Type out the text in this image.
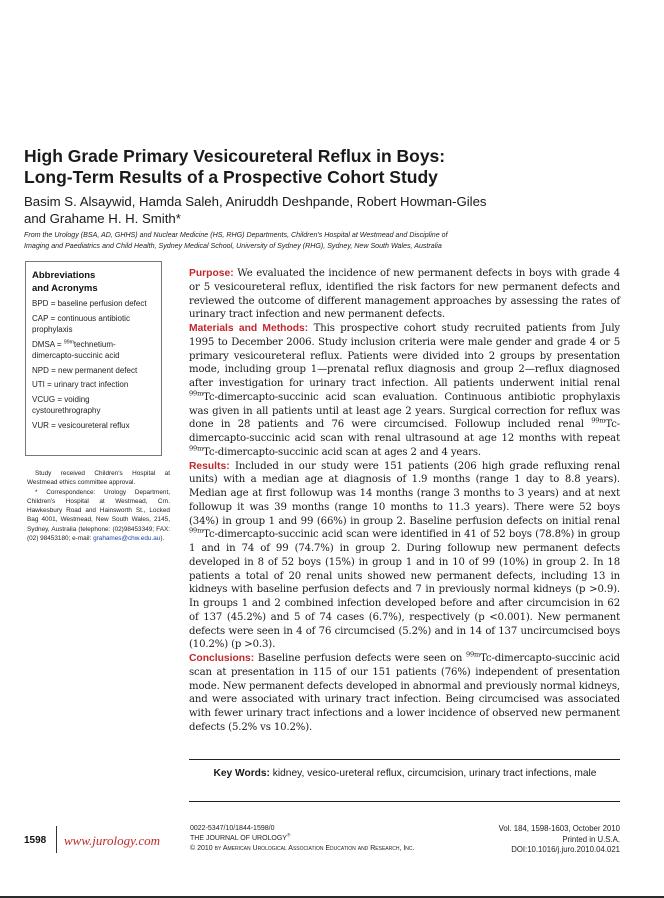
High Grade Primary Vesicoureteral Reflux in Boys:
Long-Term Results of a Prospective Cohort Study
Basim S. Alsaywid, Hamda Saleh, Aniruddh Deshpande, Robert Howman-Giles
and Grahame H. H. Smith*
From the Urology (BSA, AD, GHHS) and Nuclear Medicine (HS, RHG) Departments, Children's Hospital at Westmead and Discipline of
Imaging and Paediatrics and Child Health, Sydney Medical School, University of Sydney (RHG), Sydney, New South Wales, Australia
Abbreviations
and Acronyms
BPD = baseline perfusion defect
CAP = continuous antibiotic prophylaxis
DMSA = $^{99m}$technetium-dimercapto-succinic acid
NPD = new permanent defect
UTI = urinary tract infection
VCUG = voiding cystourethrography
VUR = vesicoureteral reflux

Study received Children's Hospital at Westmead ethics committee approval.

* Correspondence: Urology Department, Children's Hospital at Westmead, Crn. Hawkesbury Road and Hainsworth St., Locked Bag 4001, Westmead, New South Wales, 2145, Sydney, Australia (telephone: (02)98453349; FAX: (02) 98453180; e-mail: grahames@chw.edu.au).

Purpose: We evaluated the incidence of new permanent defects in boys with grade 4 or 5 vesicoureteral reflux, identified the risk factors for new permanent defects and reviewed the outcome of different management approaches by assessing the rates of urinary tract infection and new permanent defects.

Materials and Methods: This prospective cohort study recruited patients from July 1995 to December 2006. Study inclusion criteria were male gender and grade 4 or 5 primary vesicoureteral reflux. Patients were divided into 2 groups by presentation mode, including group 1—prenatal reflux diagnosis and group 2—reflux diagnosed after investigation for urinary tract infection. All patients underwent initial renal $^{99m}$Tc-dimercapto-succinic acid scan evaluation. Continuous antibiotic prophylaxis was given in all patients until at least age 2 years. Surgical correction for reflux was done in 28 patients and 76 were circumcised. Followup included renal $^{99m}$Tc-dimercapto-succinic acid scan with renal ultrasound at age 12 months with repeat $^{99m}$Tc-dimercapto-succinic acid scan at ages 2 and 4 years.

Results: Included in our study were 151 patients (206 high grade refluxing renal units) with a median age at diagnosis of 1.9 months (range 1 day to 8.8 years). Median age at first followup was 14 months (range 3 months to 3 years) and at next followup it was 39 months (range 10 months to 11.3 years). There were 52 boys (34%) in group 1 and 99 (66%) in group 2. Baseline perfusion defects on initial renal $^{99m}$Tc-dimercapto-succinic acid scan were identified in 41 of 52 boys (78.8%) in group 1 and in 74 of 99 (74.7%) in group 2. During followup new permanent defects developed in 8 of 52 boys (15%) in group 1 and in 10 of 99 (10%) in group 2. In 18 patients a total of 20 renal units showed new permanent defects, including 13 in kidneys with baseline perfusion defects and 7 in previously normal kidneys (p >0.9). In groups 1 and 2 combined infection developed before and after circumcision in 62 of 137 (45.2%) and 5 of 74 cases (6.7%), respectively (p <0.001). New permanent defects were seen in 4 of 76 circumcised (5.2%) and in 14 of 137 uncircumcised boys (10.2%) (p >0.3).

Conclusions: Baseline perfusion defects were seen on $^{99m}$Tc-dimercapto-succinic acid scan at presentation in 115 of our 151 patients (76%) independent of presentation mode. New permanent defects developed in abnormal and previously normal kidneys, and were associated with urinary tract infection. Being circumcised was associated with fewer urinary tract infections and a lower incidence of observed new permanent defects (5.2% vs 10.2%).

Key Words: kidney, vesico-ureteral reflux, circumcision, urinary tract infections, male
1598 www.jurology.com
0022-5347/10/1844-1598/0
THE JOURNAL OF UROLOGY®
© 2010 by American Urological Association Education and Research, Inc.
Vol. 184, 1598-1603, October 2010
Printed in U.S.A.
DOI:10.1016/j.juro.2010.04.021
